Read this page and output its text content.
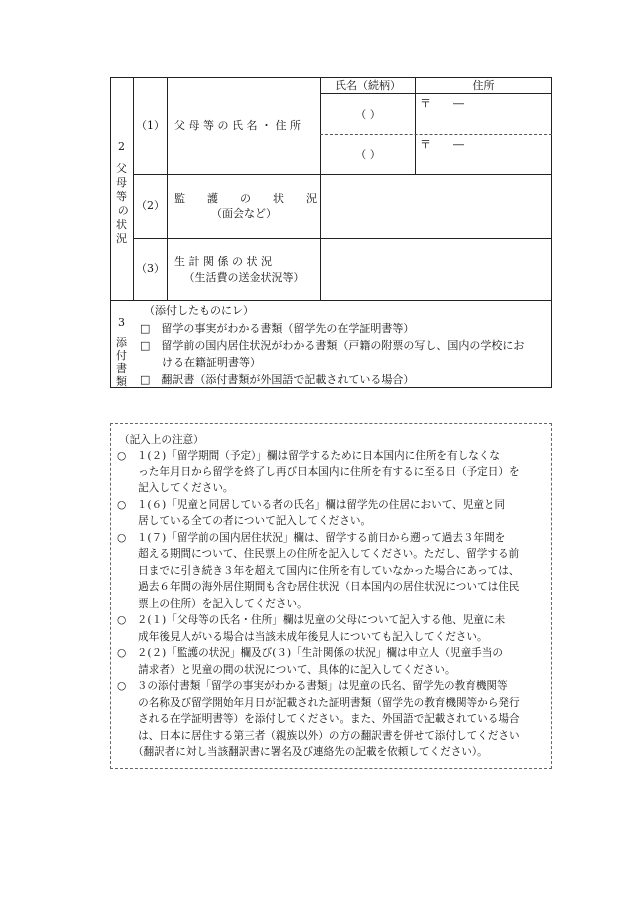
2
父
母
等
の
状
況
氏名（続柄）	住所
（1） 父 母 等 の 氏 名 ・ 住 所
（ ）
（ ）
〒　　―
〒　　―
（2）
監　　護　　の　　状　　況
（面会など）
（3）
生 計 関 係 の 状 況
（生活費の送金状況等）
3
添
付
書
類
（添付したものにレ）
□　留学の事実がわかる書類（留学先の在学証明書等）
□　留学前の国内居住状況がわかる書類（戸籍の附票の写し、国内の学校にお
　　ける在籍証明書等）
□　翻訳書（添付書類が外国語で記載されている場合）
（記入上の注意）
○　１(２)「留学期間（予定）」欄は留学するために日本国内に住所を有しなくな
　　った年月日から留学を終了し再び日本国内に住所を有するに至る日（予定日）を
　　記入してください。
○　１(６)「児童と同居している者の氏名」欄は留学先の住居において、児童と同
　　居している全ての者について記入してください。
○　１(７)「留学前の国内居住状況」欄は、留学する前日から遡って過去３年間を
　　超える期間について、住民票上の住所を記入してください。ただし、留学する前
　　日までに引き続き３年を超えて国内に住所を有していなかった場合にあっては、
　　過去６年間の海外居住期間も含む居住状況（日本国内の居住状況については住民
　　票上の住所）を記入してください。
○　２(１)「父母等の氏名・住所」欄は児童の父母について記入する他、児童に未
　　成年後見人がいる場合は当該未成年後見人についても記入してください。
○　２(２)「監護の状況」欄及び(３)「生計関係の状況」欄は申立人（児童手当の
　　請求者）と児童の間の状況について、具体的に記入してください。
○　３の添付書類「留学の事実がわかる書類」は児童の氏名、留学先の教育機関等
　　の名称及び留学開始年月日が記載された証明書類（留学先の教育機関等から発行
　　される在学証明書等）を添付してください。また、外国語で記載されている場合
　　は、日本に居住する第三者（親族以外）の方の翻訳書を併せて添付してください
　　（翻訳者に対し当該翻訳書に署名及び連絡先の記載を依頼してください）。
